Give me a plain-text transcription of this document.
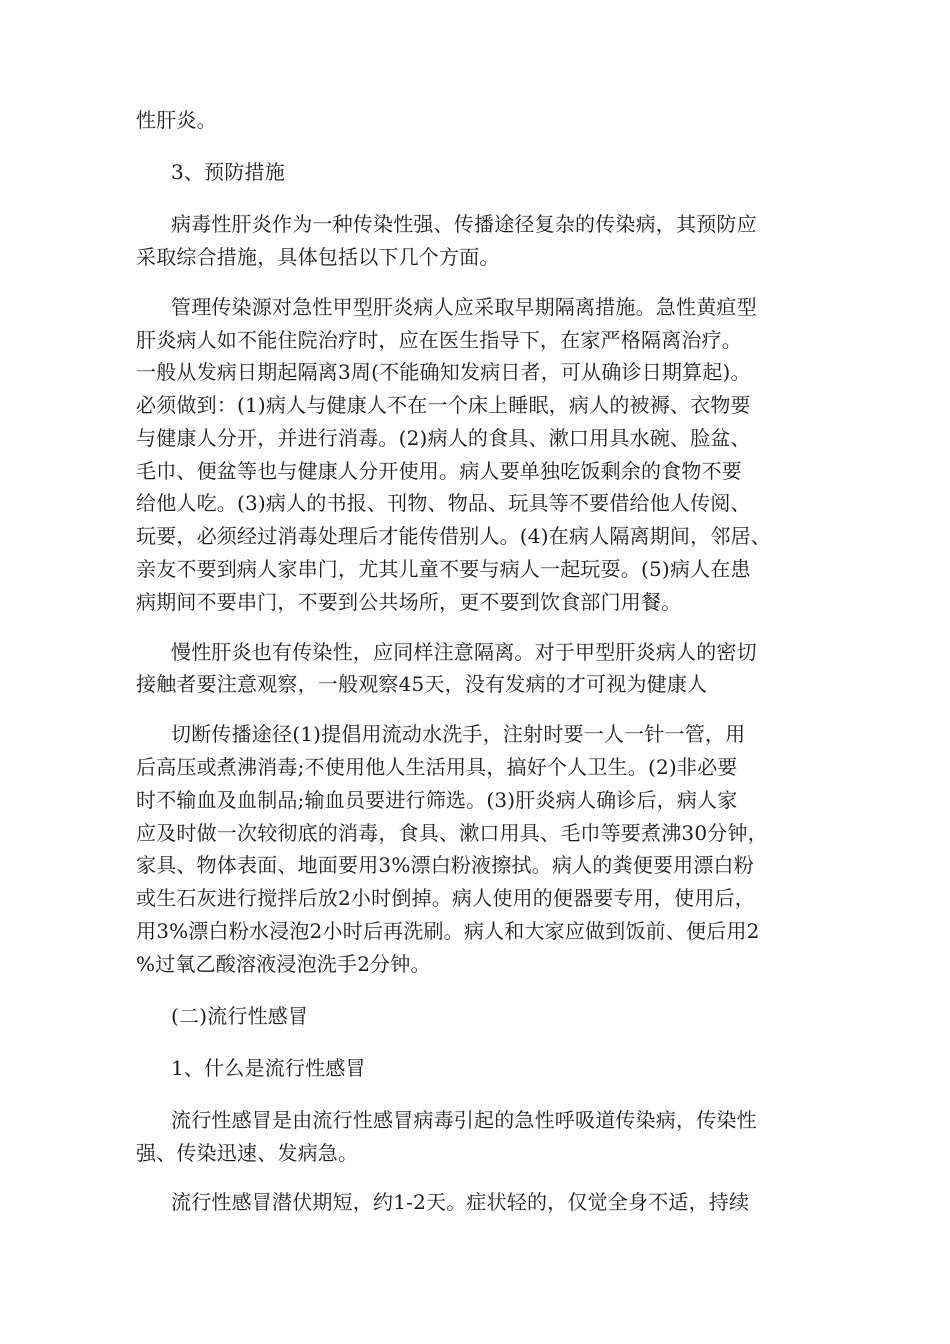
性肝炎。
3、预防措施
病毒性肝炎作为一种传染性强、传播途径复杂的传染病，其预防应
采取综合措施，具体包括以下几个方面。
管理传染源对急性甲型肝炎病人应采取早期隔离措施。急性黄疸型
肝炎病人如不能住院治疗时，应在医生指导下，在家严格隔离治疗。
一般从发病日期起隔离3周(不能确知发病日者，可从确诊日期算起)。
必须做到：(1)病人与健康人不在一个床上睡眠，病人的被褥、衣物要
与健康人分开，并进行消毒。(2)病人的食具、漱口用具水碗、脸盆、
毛巾、便盆等也与健康人分开使用。病人要单独吃饭剩余的食物不要
给他人吃。(3)病人的书报、刊物、物品、玩具等不要借给他人传阅、
玩要，必须经过消毒处理后才能传借别人。(4)在病人隔离期间，邻居、
亲友不要到病人家串门，尤其儿童不要与病人一起玩耍。(5)病人在患
病期间不要串门，不要到公共场所，更不要到饮食部门用餐。
慢性肝炎也有传染性，应同样注意隔离。对于甲型肝炎病人的密切
接触者要注意观察，一般观察45天，没有发病的才可视为健康人
切断传播途径(1)提倡用流动水洗手，注射时要一人一针一管，用
后高压或煮沸消毒;不使用他人生活用具，搞好个人卫生。(2)非必要
时不输血及血制品;输血员要进行筛选。(3)肝炎病人确诊后，病人家
应及时做一次较彻底的消毒，食具、漱口用具、毛巾等要煮沸30分钟，
家具、物体表面、地面要用3%漂白粉液擦拭。病人的粪便要用漂白粉
或生石灰进行搅拌后放2小时倒掉。病人使用的便器要专用，使用后，
用3%漂白粉水浸泡2小时后再洗刷。病人和大家应做到饭前、便后用2
%过氧乙酸溶液浸泡洗手2分钟。
(二)流行性感冒
1、什么是流行性感冒
流行性感冒是由流行性感冒病毒引起的急性呼吸道传染病，传染性
强、传染迅速、发病急。
流行性感冒潜伏期短，约1-2天。症状轻的，仅觉全身不适，持续
